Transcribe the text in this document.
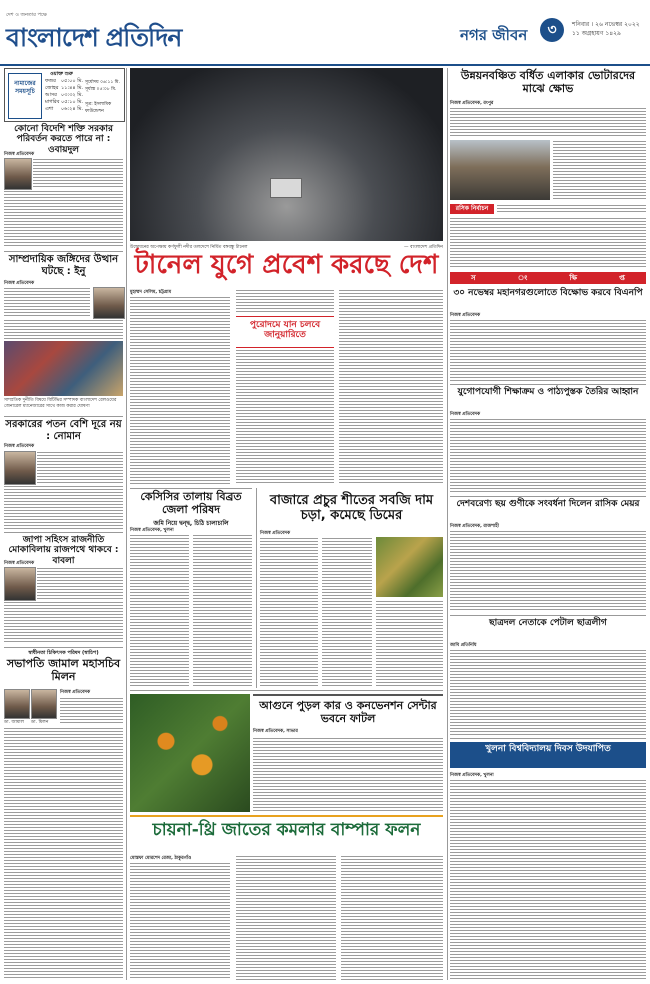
দেশ ও জনতার পক্ষে
বাংলাদেশ প্রতিদিন	নগর জীবন	৩	শনিবার । ২৬ নভেম্বর ২০২২
১১ অগ্রহায়ণ ১৪২৯
নামাজের সময়সূচি
ওয়াক্ত শুরু
ফজর ০৫:০০ মি.
জোহর ১১:৪৪ মি.
আসর ০৩:৩২ মি.
মাগরিব ০৫:১০ মি.
এশা ০৬:২৪ মি.
সূর্যোদয় ০৬:১১ মি.
সূর্যাস্ত ০৫:০৮ মি.
সূত্র: ইসলামিক ফাউন্ডেশন
কোনো বিদেশি শক্তি সরকার পরিবর্তন করতে পারে না : ওবায়দুল
নিজস্ব প্রতিবেদক
সাম্প্রদায়িক জঙ্গিদের উত্থান ঘটছে : ইনু
নিজস্ব প্রতিবেদক
সাম্প্রতিক দুর্নীতি বিষয়ে বিটিভির সম্পাদক বাংলাদেশ রেলওয়ের জেনারেল ম্যানেজারের সাথে কাজ করার ঘোষণা
সরকারের পতন বেশি দূরে নয় : নোমান
নিজস্ব প্রতিবেদক
জাপা সহিংস রাজনীতি মোকাবিলায় রাজপথে থাকবে : বাবলা
নিজস্ব প্রতিবেদক
স্বাধীনতা চিকিৎসক পরিষদ (স্বাচিপ)
সভাপতি জামাল মহাসচিব মিলন
নিজস্ব প্রতিবেদক
ডা. জামাল ডা. মিলন
উদ্বোধনের অপেক্ষায় কর্ণফুলী নদীর তলদেশে নির্মিত বঙ্গবন্ধু টানেল	— বাংলাদেশ প্রতিদিন
টানেল যুগে প্রবেশ করছে দেশ
মুহাম্মদ সেলিম, চট্টগ্রাম
পুরোদমে যান চলবে জানুয়ারিতে
কেসিসির তালায় বিব্রত জেলা পরিষদ
জমি নিয়ে দ্বন্দ্ব, চিঠি চালাচালি
নিজস্ব প্রতিবেদক, খুলনা
বাজারে প্রচুর শীতের সবজি দাম চড়া, কমেছে ডিমের
নিজস্ব প্রতিবেদক
চায়না-থ্রি জাতের কমলার বাম্পার ফলন
মোস্তফা মোরশেদ রেজা, ঠাকুরগাঁও
উন্নয়নবঞ্চিত বর্ধিত এলাকার ভোটারদের মাঝে ক্ষোভ
নিজস্ব প্রতিবেদক, রংপুর
রসিক নির্বাচন
স	ং	ক্ষি	প্ত
৩০ নভেম্বর মহানগরগুলোতে বিক্ষোভ করবে বিএনপি
নিজস্ব প্রতিবেদক
যুগোপযোগী শিক্ষাক্রম ও পাঠ্যপুস্তক তৈরির আহ্বান
নিজস্ব প্রতিবেদক
দেশবরেণ্য ছয় গুণীকে সংবর্ধনা দিলেন রাসিক মেয়র
নিজস্ব প্রতিবেদক, রাজশাহী
ছাত্রদল নেতাকে পেটাল ছাত্রলীগ
জাবি প্রতিনিধি
খুলনা বিশ্ববিদ্যালয় দিবস উদযাপিত
নিজস্ব প্রতিবেদক, খুলনা
আগুনে পুড়ল কার ও কনভেনশন সেন্টার ভবনে ফাটল
নিজস্ব প্রতিবেদক, সাভার
